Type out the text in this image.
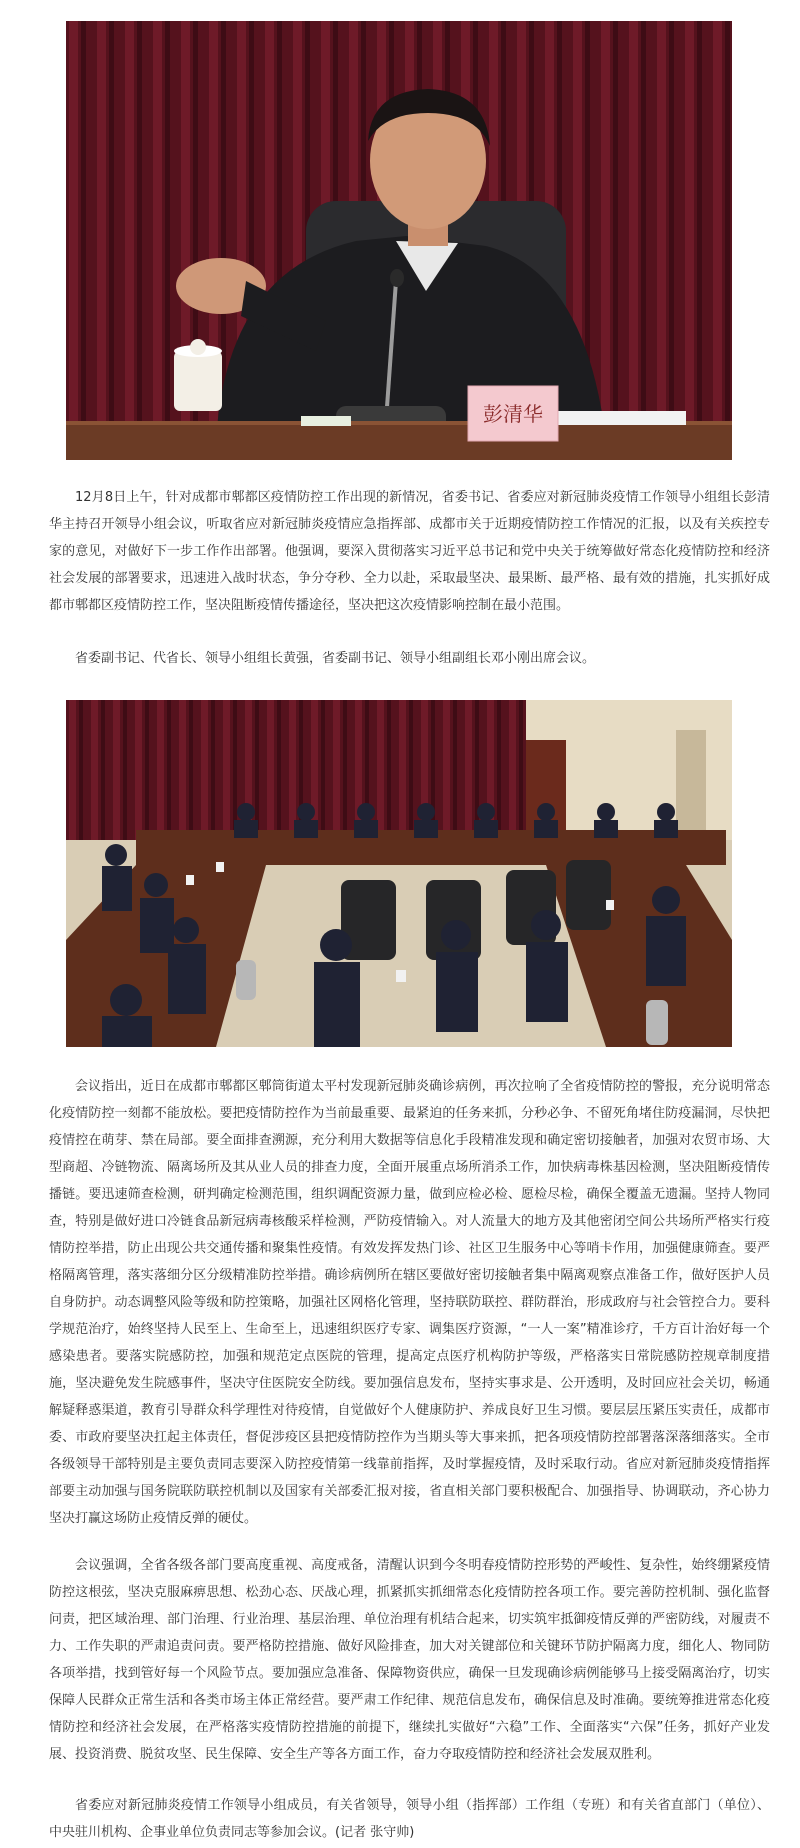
彭清华

12月8日上午，针对成都市郫都区疫情防控工作出现的新情况，省委书记、省委应对新冠肺炎疫情工作领导小组组长彭清华主持召开领导小组会议，听取省应对新冠肺炎疫情应急指挥部、成都市关于近期疫情防控工作情况的汇报，以及有关疾控专家的意见，对做好下一步工作作出部署。他强调，要深入贯彻落实习近平总书记和党中央关于统筹做好常态化疫情防控和经济社会发展的部署要求，迅速进入战时状态，争分夺秒、全力以赴，采取最坚决、最果断、最严格、最有效的措施，扎实抓好成都市郫都区疫情防控工作，坚决阻断疫情传播途径，坚决把这次疫情影响控制在最小范围。

省委副书记、代省长、领导小组组长黄强，省委副书记、领导小组副组长邓小刚出席会议。

会议指出，近日在成都市郫都区郫筒街道太平村发现新冠肺炎确诊病例，再次拉响了全省疫情防控的警报，充分说明常态化疫情防控一刻都不能放松。要把疫情防控作为当前最重要、最紧迫的任务来抓，分秒必争、不留死角堵住防疫漏洞，尽快把疫情控在萌芽、禁在局部。要全面排查溯源，充分利用大数据等信息化手段精准发现和确定密切接触者，加强对农贸市场、大型商超、冷链物流、隔离场所及其从业人员的排查力度，全面开展重点场所消杀工作，加快病毒株基因检测，坚决阻断疫情传播链。要迅速筛查检测，研判确定检测范围，组织调配资源力量，做到应检必检、愿检尽检，确保全覆盖无遗漏。坚持人物同查，特别是做好进口冷链食品新冠病毒核酸采样检测，严防疫情输入。对人流量大的地方及其他密闭空间公共场所严格实行疫情防控举措，防止出现公共交通传播和聚集性疫情。有效发挥发热门诊、社区卫生服务中心等哨卡作用，加强健康筛查。要严格隔离管理，落实落细分区分级精准防控举措。确诊病例所在辖区要做好密切接触者集中隔离观察点准备工作，做好医护人员自身防护。动态调整风险等级和防控策略，加强社区网格化管理，坚持联防联控、群防群治，形成政府与社会管控合力。要科学规范治疗，始终坚持人民至上、生命至上，迅速组织医疗专家、调集医疗资源，“一人一案”精准诊疗，千方百计治好每一个感染患者。要落实院感防控，加强和规范定点医院的管理，提高定点医疗机构防护等级，严格落实日常院感防控规章制度措施，坚决避免发生院感事件，坚决守住医院安全防线。要加强信息发布，坚持实事求是、公开透明，及时回应社会关切，畅通解疑释惑渠道，教育引导群众科学理性对待疫情，自觉做好个人健康防护、养成良好卫生习惯。要层层压紧压实责任，成都市委、市政府要坚决扛起主体责任，督促涉疫区县把疫情防控作为当期头等大事来抓，把各项疫情防控部署落深落细落实。全市各级领导干部特别是主要负责同志要深入防控疫情第一线靠前指挥，及时掌握疫情，及时采取行动。省应对新冠肺炎疫情指挥部要主动加强与国务院联防联控机制以及国家有关部委汇报对接，省直相关部门要积极配合、加强指导、协调联动，齐心协力坚决打赢这场防止疫情反弹的硬仗。

会议强调，全省各级各部门要高度重视、高度戒备，清醒认识到今冬明春疫情防控形势的严峻性、复杂性，始终绷紧疫情防控这根弦，坚决克服麻痹思想、松劲心态、厌战心理，抓紧抓实抓细常态化疫情防控各项工作。要完善防控机制、强化监督问责，把区域治理、部门治理、行业治理、基层治理、单位治理有机结合起来，切实筑牢抵御疫情反弹的严密防线，对履责不力、工作失职的严肃追责问责。要严格防控措施、做好风险排查，加大对关键部位和关键环节防护隔离力度，细化人、物同防各项举措，找到管好每一个风险节点。要加强应急准备、保障物资供应，确保一旦发现确诊病例能够马上接受隔离治疗，切实保障人民群众正常生活和各类市场主体正常经营。要严肃工作纪律、规范信息发布，确保信息及时准确。要统筹推进常态化疫情防控和经济社会发展，在严格落实疫情防控措施的前提下，继续扎实做好“六稳”工作、全面落实“六保”任务，抓好产业发展、投资消费、脱贫攻坚、民生保障、安全生产等各方面工作，奋力夺取疫情防控和经济社会发展双胜利。

省委应对新冠肺炎疫情工作领导小组成员，有关省领导，领导小组（指挥部）工作组（专班）和有关省直部门（单位）、中央驻川机构、企事业单位负责同志等参加会议。(记者 张守帅)
